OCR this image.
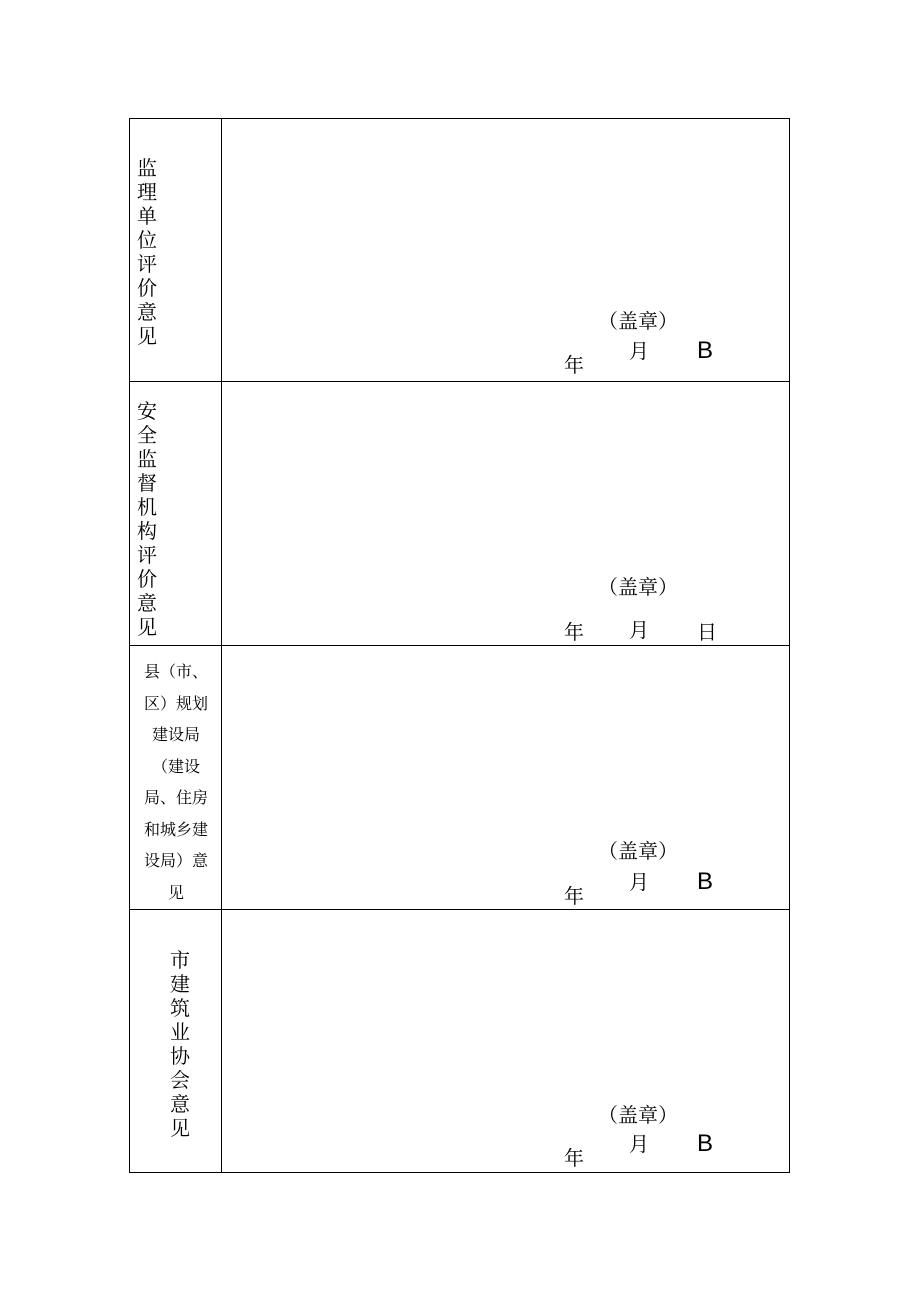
监理单位评价意见
（盖章）
年
月 B
安全监督机构评价意见
（盖章）
年 月 日
县（市、区）规划建设局（建设局、住房和城乡建设局）意见
（盖章）
年
月 B
市建筑业协会意见
（盖章）
年
月 B
